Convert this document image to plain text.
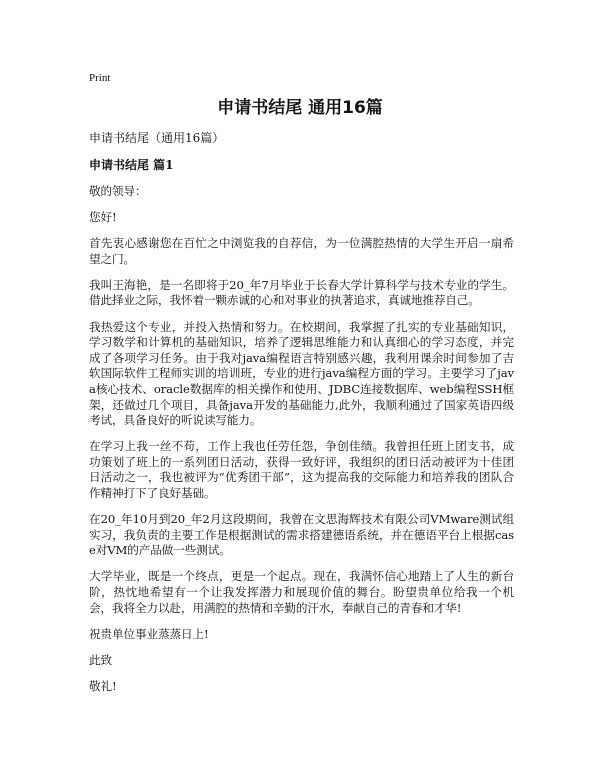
Print
申请书结尾 通用16篇
申请书结尾（通用16篇）
申请书结尾 篇1

敬的领导：

您好!

首先衷心感谢您在百忙之中浏览我的自荐信，为一位满腔热情的大学生开启一扇希望之门。

我叫王海艳，是一名即将于20_年7月毕业于长春大学计算科学与技术专业的学生。借此择业之际，我怀着一颗赤诚的心和对事业的执著追求，真诚地推荐自己。

我热爱这个专业，并投入热情和努力。在校期间，我掌握了扎实的专业基础知识，学习数学和计算机的基础知识，培养了逻辑思维能力和认真细心的学习态度，并完成了各项学习任务。由于我对java编程语言特别感兴趣，我利用课余时间参加了吉软国际软件工程师实训的培训班，专业的进行java编程方面的学习。主要学习了java核心技术、oracle数据库的相关操作和使用、JDBC连接数据库、web编程SSH框架，还做过几个项目，具备java开发的基础能力,此外，我顺利通过了国家英语四级考试，具备良好的听说读写能力。

在学习上我一丝不苟，工作上我也任劳任怨，争创佳绩。我曾担任班上团支书，成功策划了班上的一系列团日活动，获得一致好评，我组织的团日活动被评为十佳团日活动之一，我也被评为“优秀团干部”，这为提高我的交际能力和培养我的团队合作精神打下了良好基础。

在20_年10月到20_年2月这段期间，我曾在文思海辉技术有限公司VMware测试组实习，我负责的主要工作是根据测试的需求搭建德语系统，并在德语平台上根据case对VM的产品做一些测试。

大学毕业，既是一个终点，更是一个起点。现在，我满怀信心地踏上了人生的新台阶，热忱地希望有一个让我发挥潜力和展现价值的舞台。盼望贵单位给我一个机会，我将全力以赴，用满腔的热情和辛勤的汗水，奉献自己的青春和才华!

祝贵单位事业蒸蒸日上!

此致

敬礼!
